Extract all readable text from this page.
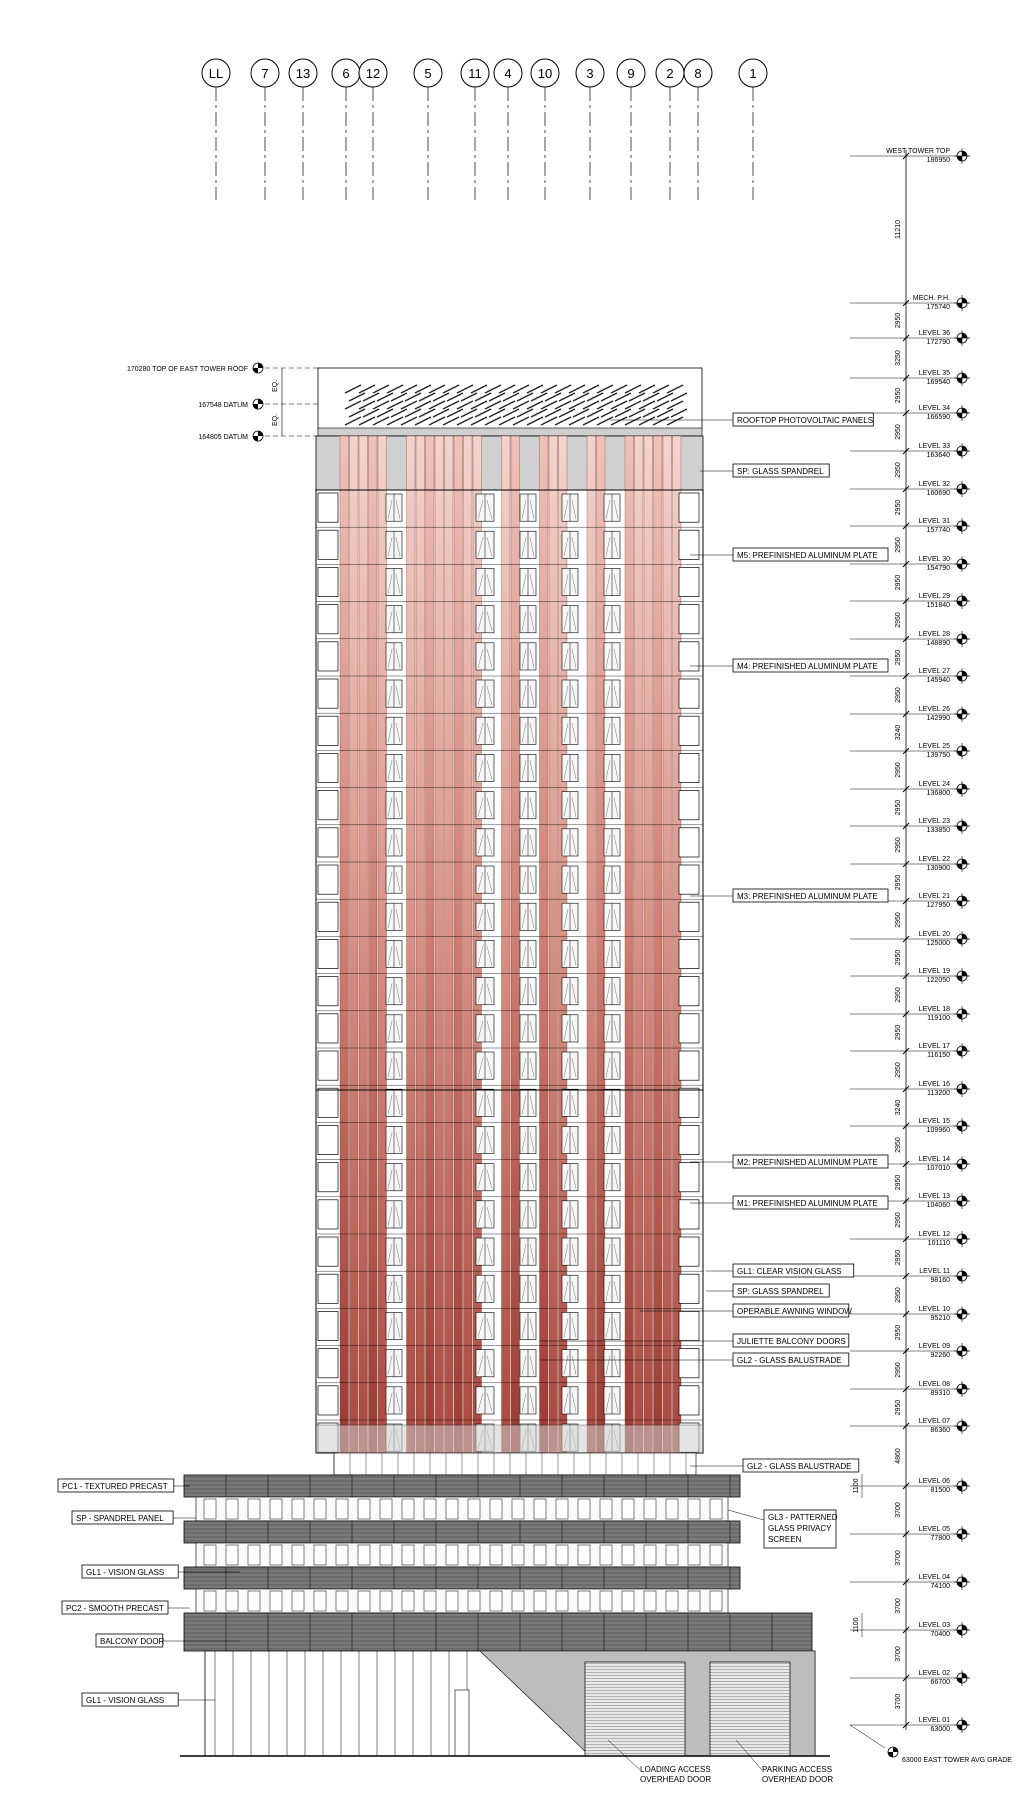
LL	7 13 6 12	5	11 4 10	3	9 2 8	1
WEST TOWER TOP
186950
MECH. P.H.
175740
LEVEL 36
172790
LEVEL 35
169540
LEVEL 34
166590
LEVEL 33
163640
LEVEL 32
160690
LEVEL 31
157740
LEVEL 30
154790
LEVEL 29
151840
LEVEL 28
148890
LEVEL 27
145940
LEVEL 26
142990
LEVEL 25
139750
LEVEL 24
136800
LEVEL 23
133850
LEVEL 22
130900
LEVEL 21
127950
LEVEL 20
125000
LEVEL 19
122050
LEVEL 18
119100
LEVEL 17
116150
LEVEL 16
113200
LEVEL 15
109960
LEVEL 14
107010
LEVEL 13
104060
LEVEL 12
101110
LEVEL 11
98160
LEVEL 10
95210
LEVEL 09
92260
LEVEL 08
89310
LEVEL 07
86360
LEVEL 06
81500
LEVEL 05
77800
LEVEL 04
74100
LEVEL 03
70400
LEVEL 02
66700
LEVEL 01
63000
11210
2950
3250
2950
2950
2950
2950
2950
2950
2950
2950
2950
3240
2950
2950
2950
2950
2950
2950
2950
2950
2950
3240
2950
2950
2950
2950
2950
2950
2950
2950
4860
3700
3700
3700
3700
3700
63000 EAST TOWER AVG GRADE
170280 TOP OF EAST TOWER ROOF
167548 DATUM
164805 DATUM
EQ.
EQ.	ROOFTOP PHOTOVOLTAIC PANELS
SP: GLASS SPANDREL
M5: PREFINISHED ALUMINUM PLATE
M4: PREFINISHED ALUMINUM PLATE
M3: PREFINISHED ALUMINUM PLATE
M2: PREFINISHED ALUMINUM PLATE
M1: PREFINISHED ALUMINUM PLATE
GL1: CLEAR VISION GLASS
SP: GLASS SPANDREL
OPERABLE AWNING WINDOW
JULIETTE BALCONY DOORS
GL2 - GLASS BALUSTRADE
GL2 - GLASS BALUSTRADE
PC1 - TEXTURED PRECAST
SP - SPANDREL PANEL
GL1 - VISION GLASS
PC2 - SMOOTH PRECAST
BALCONY DOOR
GL1 - VISION GLASS
GL3 - PATTERNED
GLASS PRIVACY
SCREEN
1100
1100
LOADING ACCESS
OVERHEAD DOOR
PARKING ACCESS
OVERHEAD DOOR
